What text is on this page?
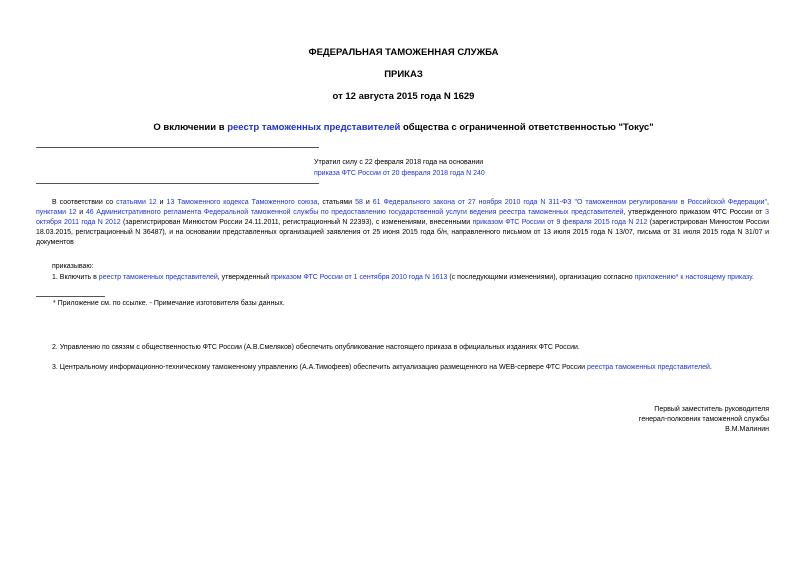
ФЕДЕРАЛЬНАЯ ТАМОЖЕННАЯ СЛУЖБА
ПРИКАЗ
от 12 августа 2015 года N 1629
О включении в реестр таможенных представителей общества с ограниченной ответственностью "Токус"
Утратил силу с 22 февраля 2018 года на основании
приказа ФТС России от 20 февраля 2018 года N 240
В соответствии со статьями 12 и 13 Таможенного кодекса Таможенного союза, статьями 58 и 61 Федерального закона от 27 ноября 2010 года N 311-ФЗ "О таможенном регулировании в Российской Федерации", пунктами 12 и 46 Административного регламента Федеральной таможенной службы по предоставлению государственной услуги ведения реестра таможенных представителей, утвержденного приказом ФТС России от 3 октября 2011 года N 2012 (зарегистрирован Минюстом России 24.11.2011, регистрационный N 22393), с изменениями, внесенными приказом ФТС России от 9 февраля 2015 года N 212 (зарегистрирован Минюстом России 18.03.2015, регистрационный N 36487), и на основании представленных организацией заявления от 25 июня 2015 года б/н, направленного письмом от 13 июля 2015 года N 13/07, письма от 31 июля 2015 года N 31/07 и документов
приказываю:
1. Включить в реестр таможенных представителей, утвержденный приказом ФТС России от 1 сентября 2010 года N 1613 (с последующими изменениями), организацию согласно приложению* к настоящему приказу.
* Приложение см. по ссылке. - Примечание изготовителя базы данных.
2. Управлению по связям с общественностью ФТС России (А.В.Смеляков) обеспечить опубликование настоящего приказа в официальных изданиях ФТС России.
3. Центральному информационно-техническому таможенному управлению (А.А.Тимофеев) обеспечить актуализацию размещенного на WEB-сервере ФТС России реестра таможенных представителей.
Первый заместитель руководителя
генерал-полковник таможенной службы
В.М.Малинин
